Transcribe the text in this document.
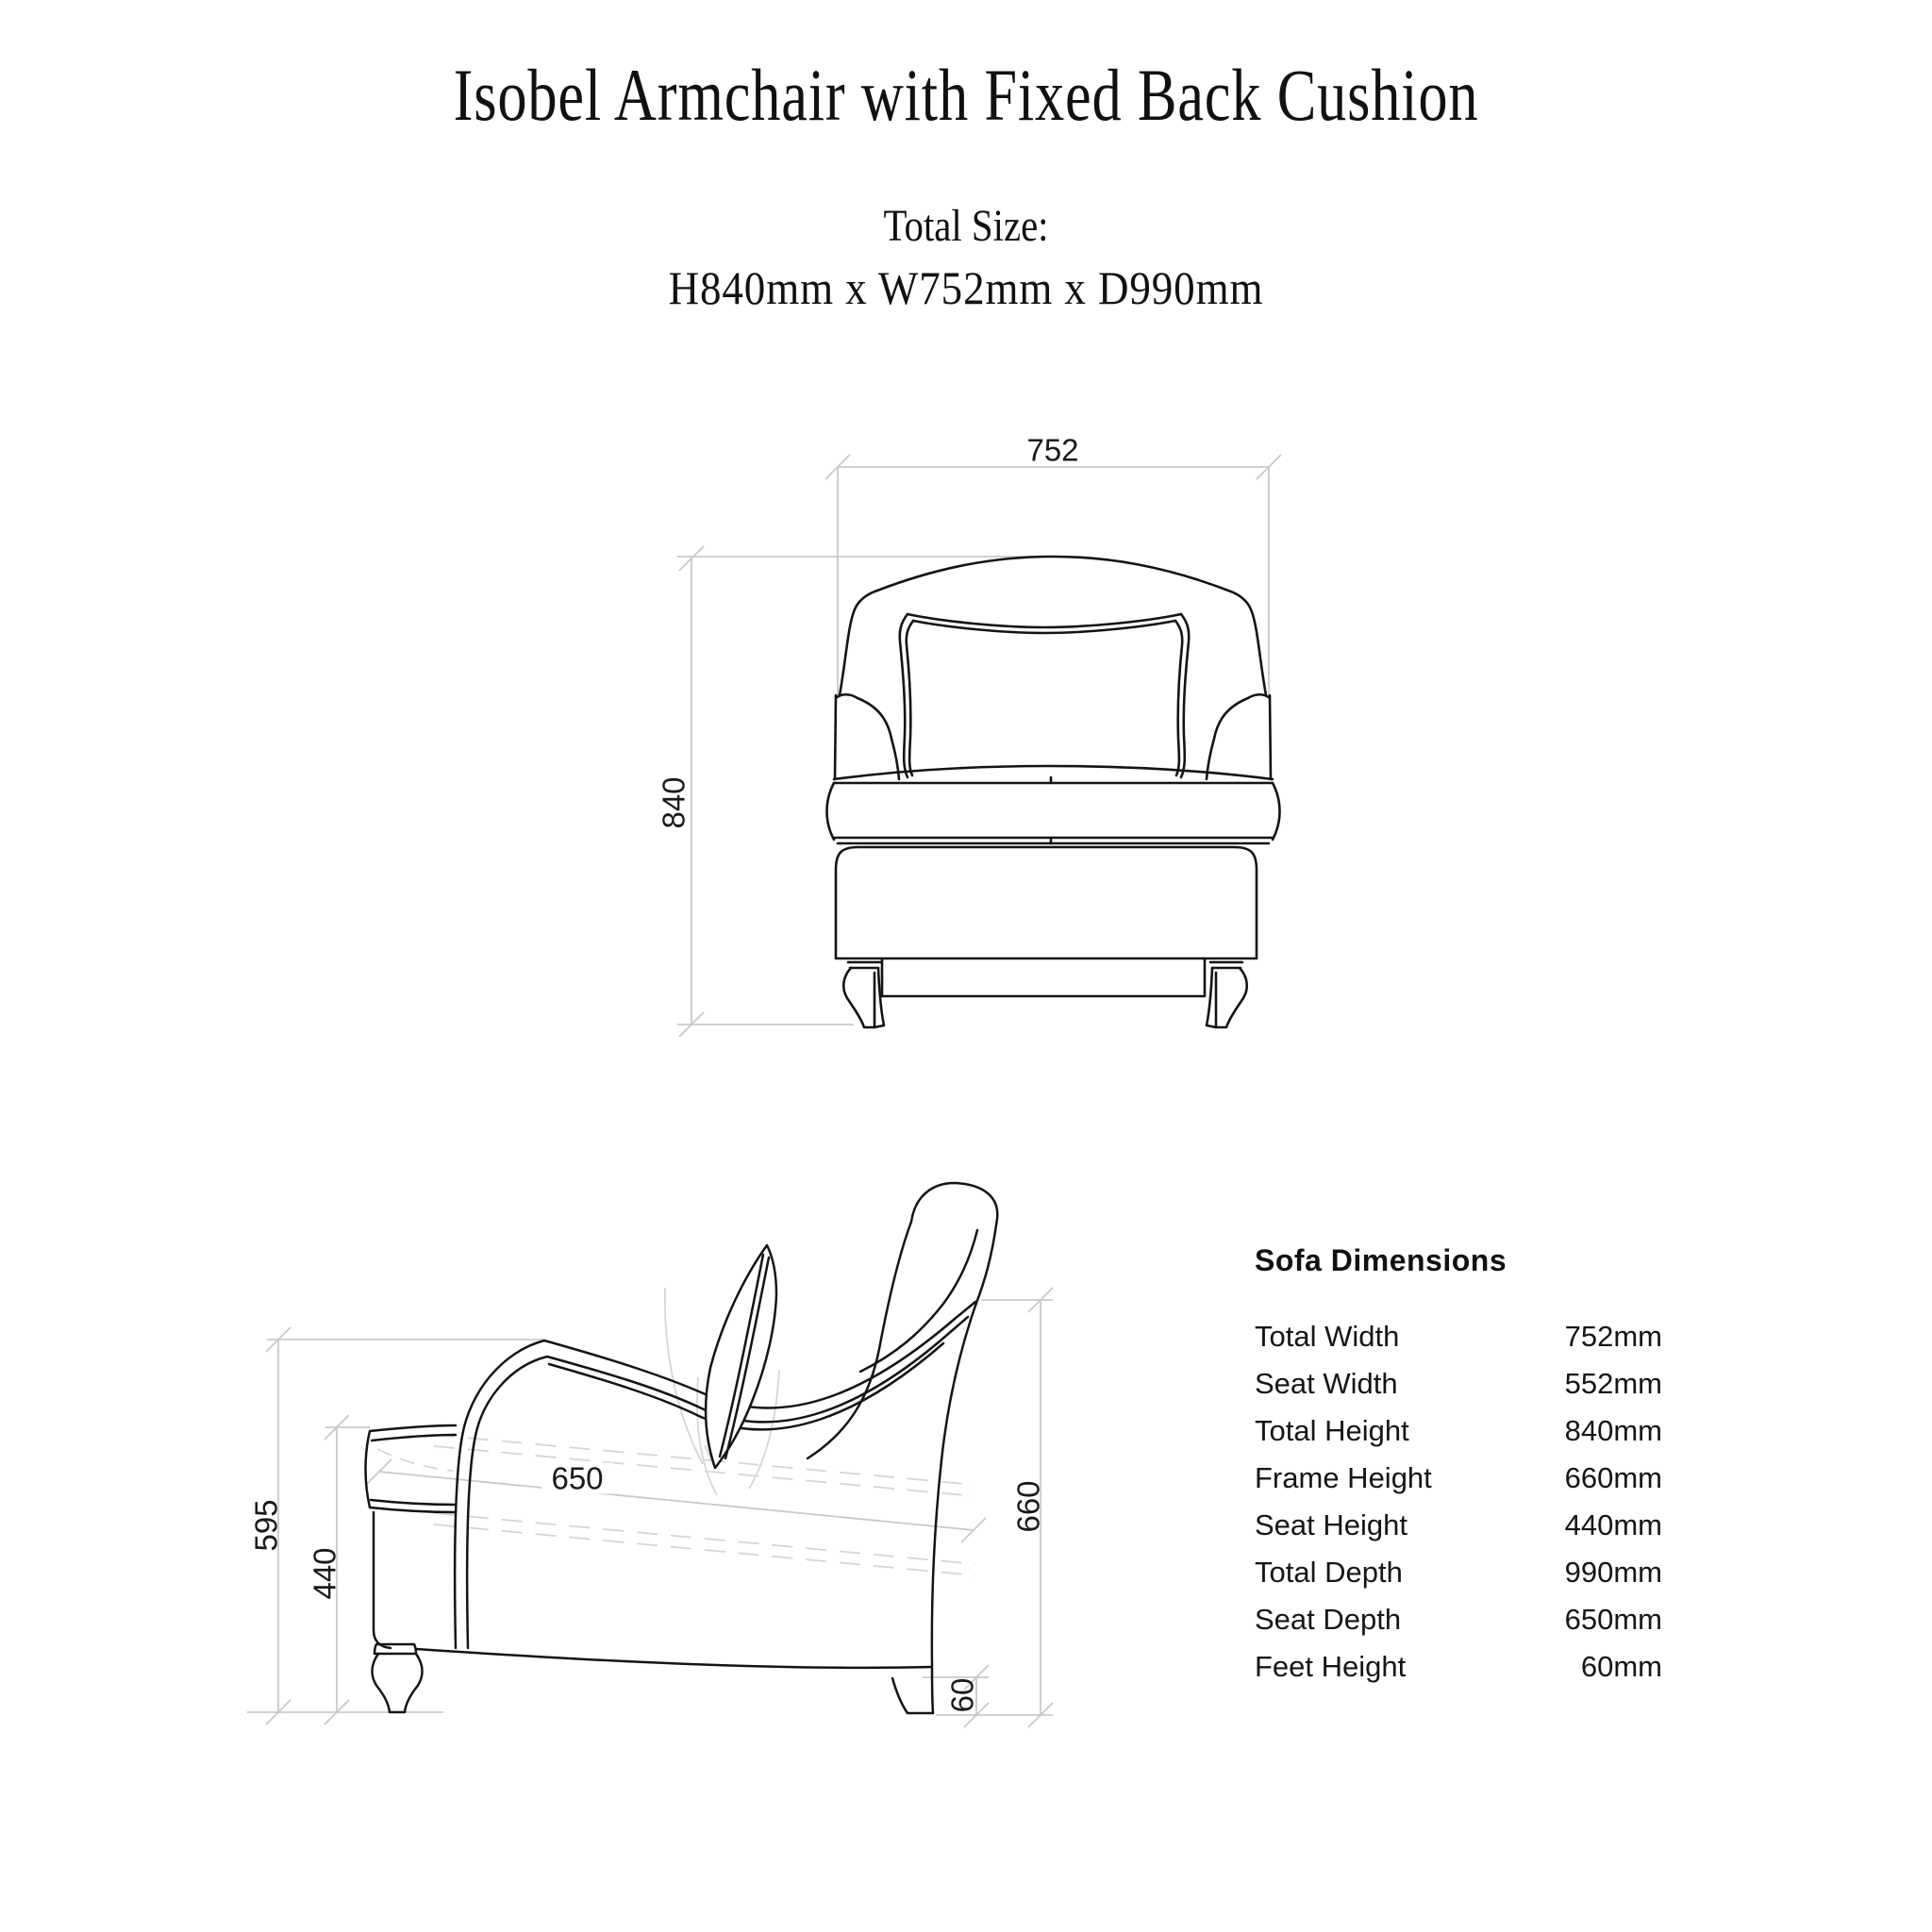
Isobel Armchair with Fixed Back Cushion
Total Size:
H840mm x W752mm x D990mm
752
840
595
440
650
660
60
Sofa Dimensions
Total Width	752mm
Seat Width	552mm
Total Height	840mm
Frame Height	660mm
Seat Height	440mm
Total Depth	990mm
Seat Depth	650mm
Feet Height	60mm
